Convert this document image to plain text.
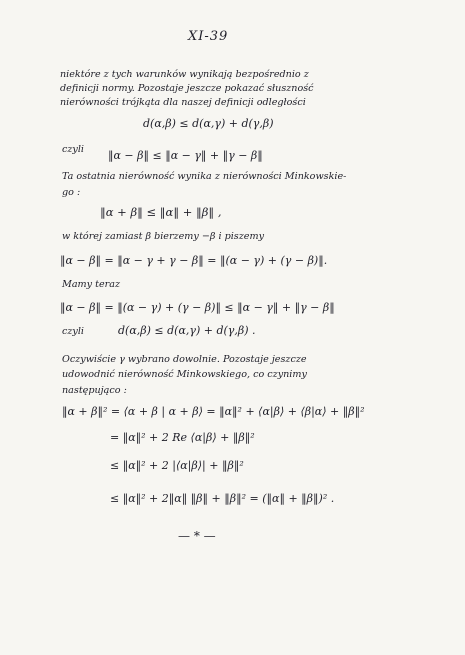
XI-39
niektóre z tych warunków wynikają bezpośrednio z
definicji normy. Pozostaje jeszcze pokazać słuszność
nierówności trójkąta dla naszej definicji odległości
d(α,β) ≤ d(α,γ) + d(γ,β)
czyli ‖α − β‖ ≤ ‖α − γ‖ + ‖γ − β‖
Ta ostatnia nierówność wynika z nierówności Minkowskie-
go :
‖α + β‖ ≤ ‖α‖ + ‖β‖ ,
w której zamiast β bierzemy −β i piszemy
‖α − β‖ = ‖α − γ + γ − β‖ = ‖(α − γ) + (γ − β)‖.
Mamy teraz
‖α − β‖ = ‖(α − γ) + (γ − β)‖ ≤ ‖α − γ‖ + ‖γ − β‖
czyli	d(α,β) ≤ d(α,γ) + d(γ,β) .
Oczywiście γ wybrano dowolnie. Pozostaje jeszcze
udowodnić nierówność Minkowskiego, co czynimy
następująco :
‖α + β‖² = ⟨α + β | α + β⟩ = ‖α‖² + ⟨α|β⟩ + ⟨β|α⟩ + ‖β‖²
= ‖α‖² + 2 Re ⟨α|β⟩ + ‖β‖²
≤ ‖α‖² + 2 |⟨α|β⟩| + ‖β‖²
≤ ‖α‖² + 2‖α‖ ‖β‖ + ‖β‖² = (‖α‖ + ‖β‖)² .
— * —
